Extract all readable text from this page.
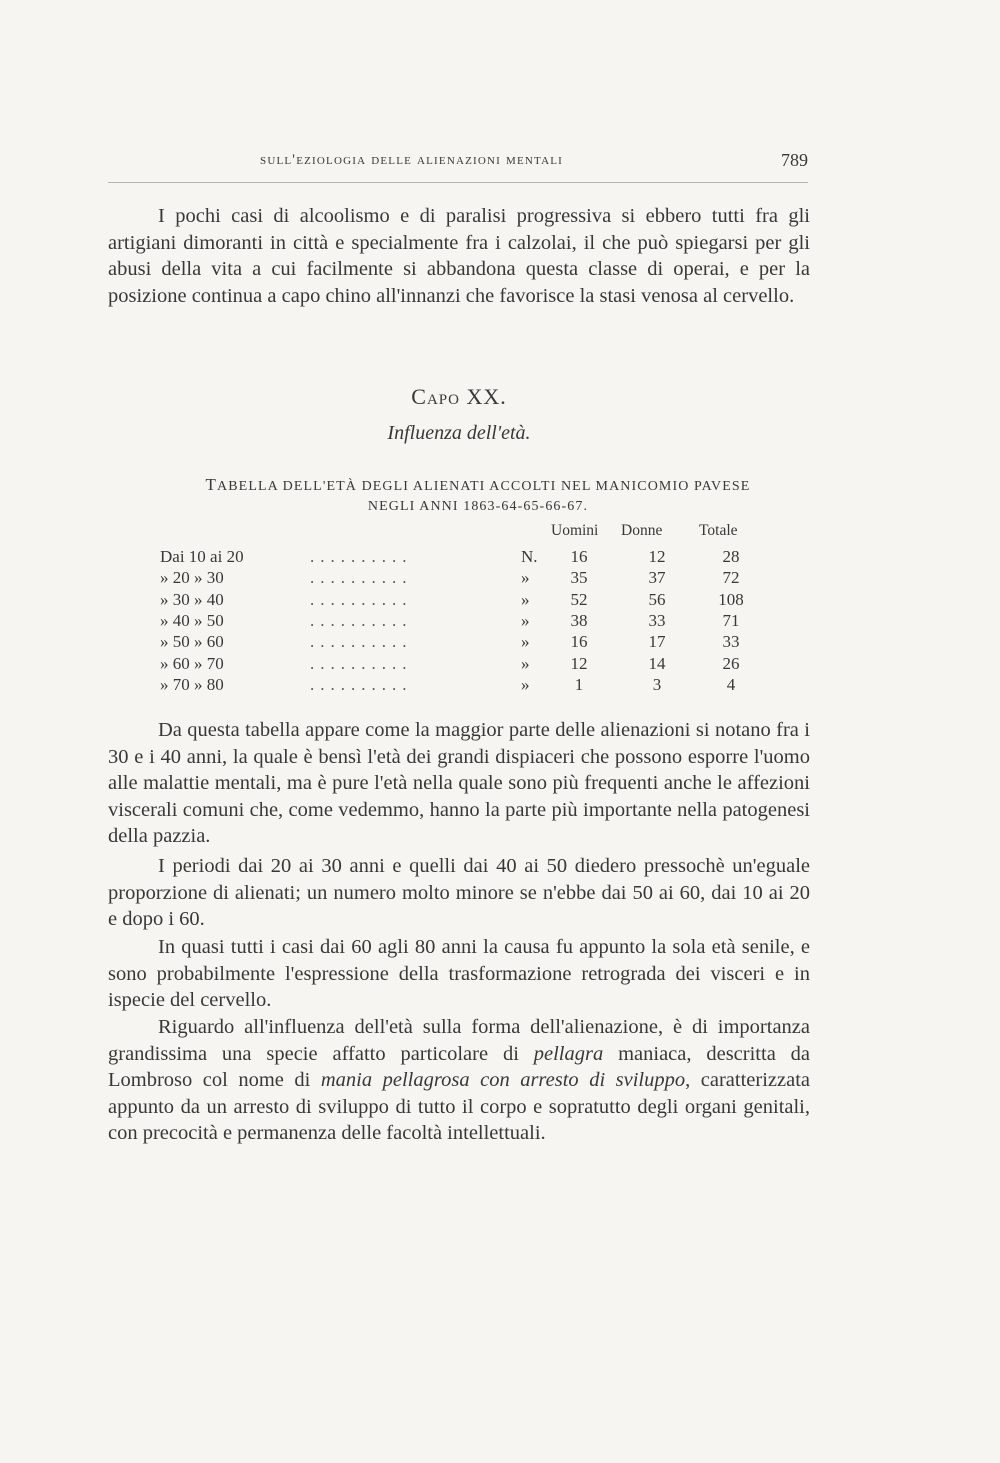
sull'eziologia delle alienazioni mentali	789

I pochi casi di alcoolismo e di paralisi progressiva si ebbero tutti fra gli artigiani dimoranti in città e specialmente fra i calzolai, il che può spiegarsi per gli abusi della vita a cui facilmente si abbandona questa classe di operai, e per la posizione continua a capo chino all'innanzi che favorisce la stasi venosa al cervello.

Capo XX.
Influenza dell'età.
TABELLA DELL'ETÀ DEGLI ALIENATI ACCOLTI NEL MANICOMIO PAVESE
NEGLI ANNI 1863-64-65-66-67.
Uomini Donne Totale
Dai 10 ai 20	..........	N.	16	12	28
» 20 » 30	..........	»	35	37	72
» 30 » 40	..........	»	52	56	108
» 40 » 50	..........	»	38	33	71
» 50 » 60	..........	»	16	17	33
» 60 » 70	..........	»	12	14	26
» 70 » 80	..........	»	1	3	4

Da questa tabella appare come la maggior parte delle alienazioni si notano fra i 30 e i 40 anni, la quale è bensì l'età dei grandi dispiaceri che possono esporre l'uomo alle malattie mentali, ma è pure l'età nella quale sono più frequenti anche le affezioni viscerali comuni che, come vedemmo, hanno la parte più importante nella patogenesi della pazzia.

I periodi dai 20 ai 30 anni e quelli dai 40 ai 50 diedero pressochè un'eguale proporzione di alienati; un numero molto minore se n'ebbe dai 50 ai 60, dai 10 ai 20 e dopo i 60.

In quasi tutti i casi dai 60 agli 80 anni la causa fu appunto la sola età senile, e sono probabilmente l'espressione della trasformazione retrograda dei visceri e in ispecie del cervello.

Riguardo all'influenza dell'età sulla forma dell'alienazione, è di importanza grandissima una specie affatto particolare di pellagra maniaca, descritta da Lombroso col nome di mania pellagrosa con arresto di sviluppo, caratterizzata appunto da un arresto di sviluppo di tutto il corpo e sopratutto degli organi genitali, con precocità e permanenza delle facoltà intellettuali.
